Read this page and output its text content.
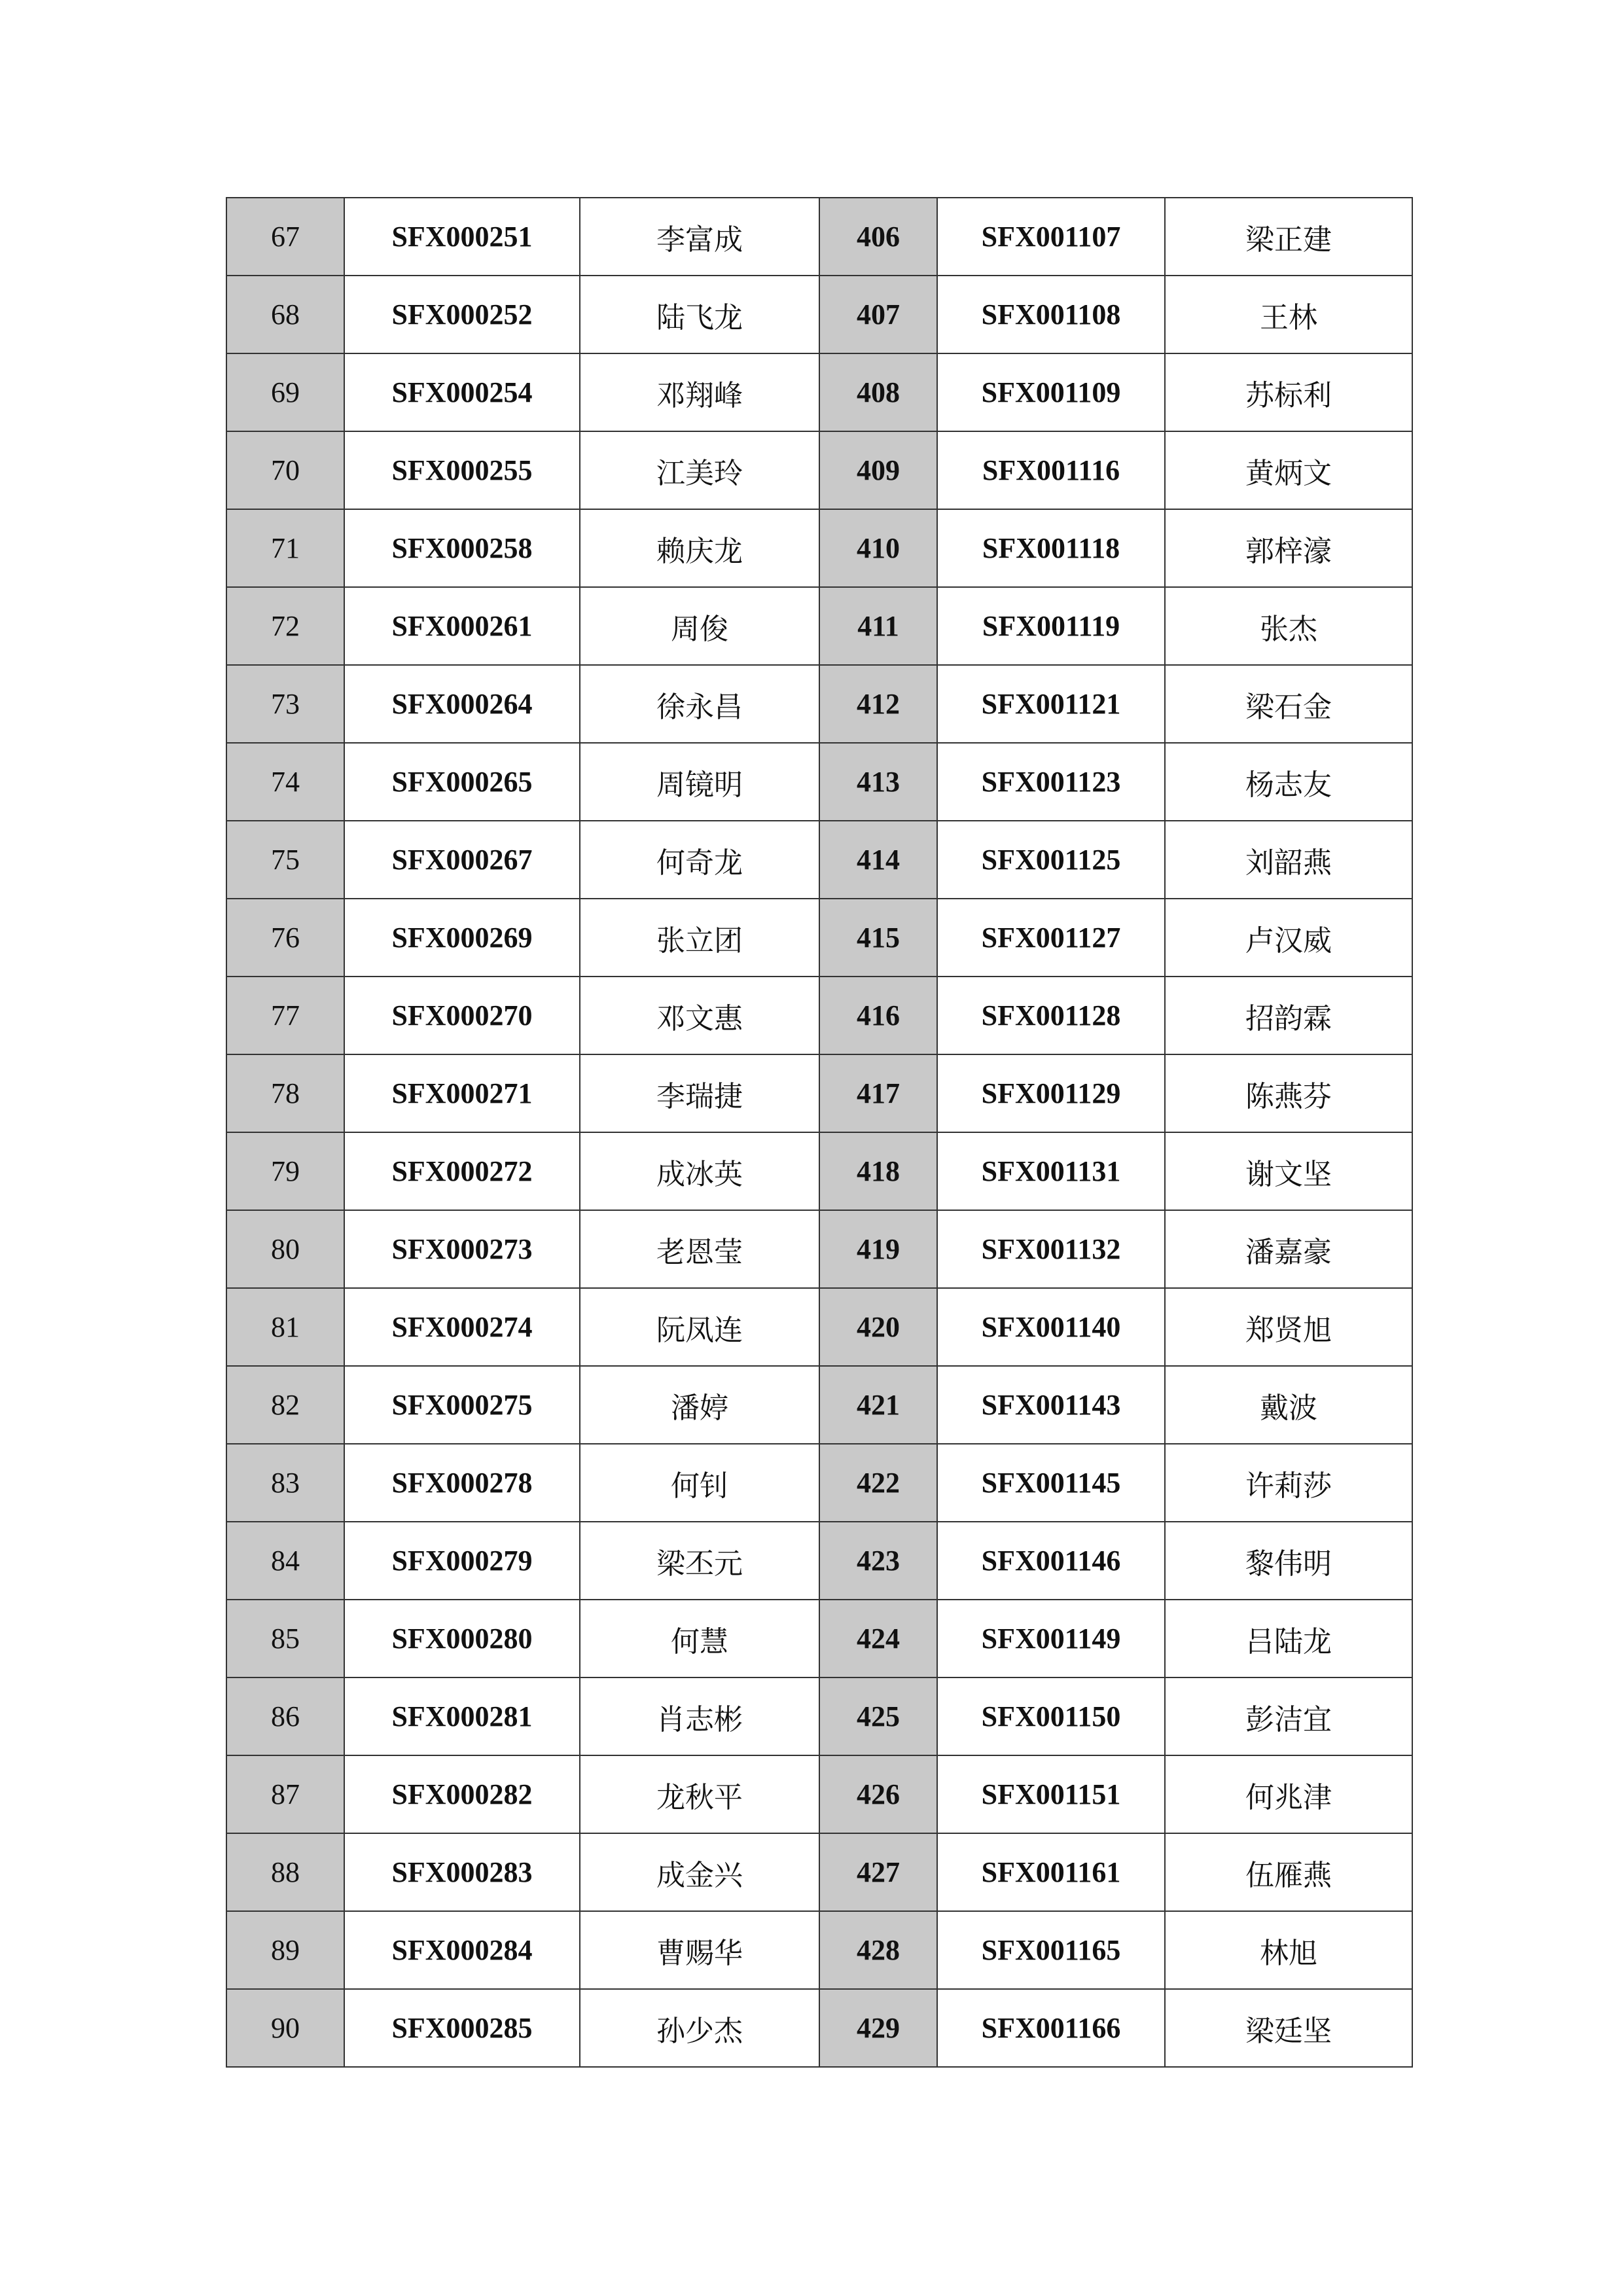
67	SFX000251	李富成	406	SFX001107	梁正建
68	SFX000252	陆飞龙	407	SFX001108	王林
69	SFX000254	邓翔峰	408	SFX001109	苏标利
70	SFX000255	江美玲	409	SFX001116	黄炳文
71	SFX000258	赖庆龙	410	SFX001118	郭梓濠
72	SFX000261	周俊	411	SFX001119	张杰
73	SFX000264	徐永昌	412	SFX001121	梁石金
74	SFX000265	周镜明	413	SFX001123	杨志友
75	SFX000267	何奇龙	414	SFX001125	刘韶燕
76	SFX000269	张立团	415	SFX001127	卢汉威
77	SFX000270	邓文惠	416	SFX001128	招韵霖
78	SFX000271	李瑞捷	417	SFX001129	陈燕芬
79	SFX000272	成冰英	418	SFX001131	谢文坚
80	SFX000273	老恩莹	419	SFX001132	潘嘉豪
81	SFX000274	阮凤连	420	SFX001140	郑贤旭
82	SFX000275	潘婷	421	SFX001143	戴波
83	SFX000278	何钊	422	SFX001145	许莉莎
84	SFX000279	梁丕元	423	SFX001146	黎伟明
85	SFX000280	何慧	424	SFX001149	吕陆龙
86	SFX000281	肖志彬	425	SFX001150	彭洁宜
87	SFX000282	龙秋平	426	SFX001151	何兆津
88	SFX000283	成金兴	427	SFX001161	伍雁燕
89	SFX000284	曹赐华	428	SFX001165	林旭
90	SFX000285	孙少杰	429	SFX001166	梁廷坚
